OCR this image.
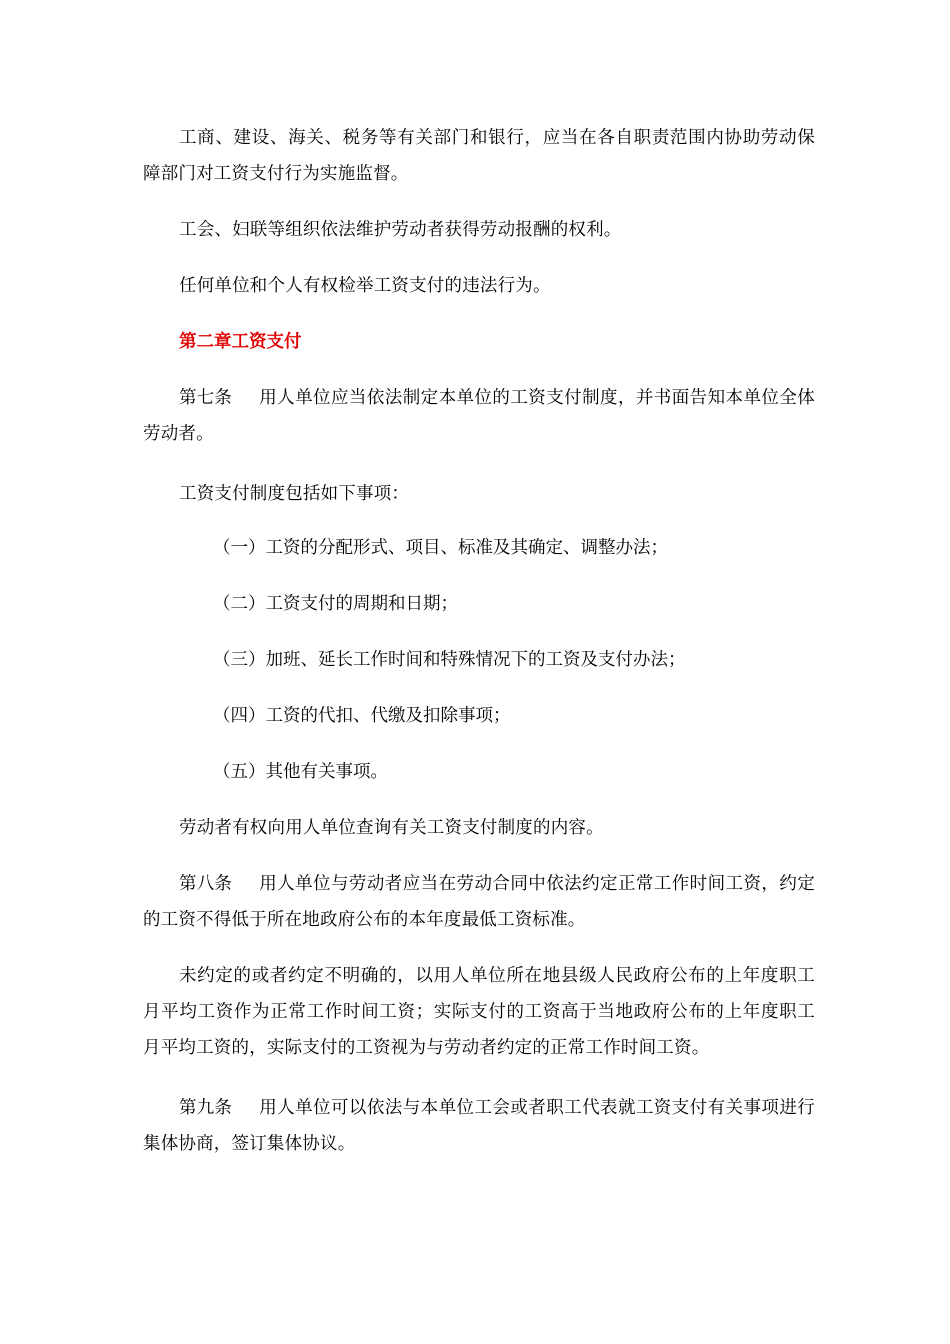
工商、建设、海关、税务等有关部门和银行，应当在各自职责范围内协助劳动保障部门对工资支付行为实施监督。

工会、妇联等组织依法维护劳动者获得劳动报酬的权利。

任何单位和个人有权检举工资支付的违法行为。

第二章工资支付

第七条 用人单位应当依法制定本单位的工资支付制度，并书面告知本单位全体劳动者。

工资支付制度包括如下事项：

（一）工资的分配形式、项目、标准及其确定、调整办法；

（二）工资支付的周期和日期；

（三）加班、延长工作时间和特殊情况下的工资及支付办法；

（四）工资的代扣、代缴及扣除事项；

（五）其他有关事项。

劳动者有权向用人单位查询有关工资支付制度的内容。

第八条 用人单位与劳动者应当在劳动合同中依法约定正常工作时间工资，约定的工资不得低于所在地政府公布的本年度最低工资标准。

未约定的或者约定不明确的，以用人单位所在地县级人民政府公布的上年度职工月平均工资作为正常工作时间工资；实际支付的工资高于当地政府公布的上年度职工月平均工资的，实际支付的工资视为与劳动者约定的正常工作时间工资。

第九条 用人单位可以依法与本单位工会或者职工代表就工资支付有关事项进行集体协商，签订集体协议。
